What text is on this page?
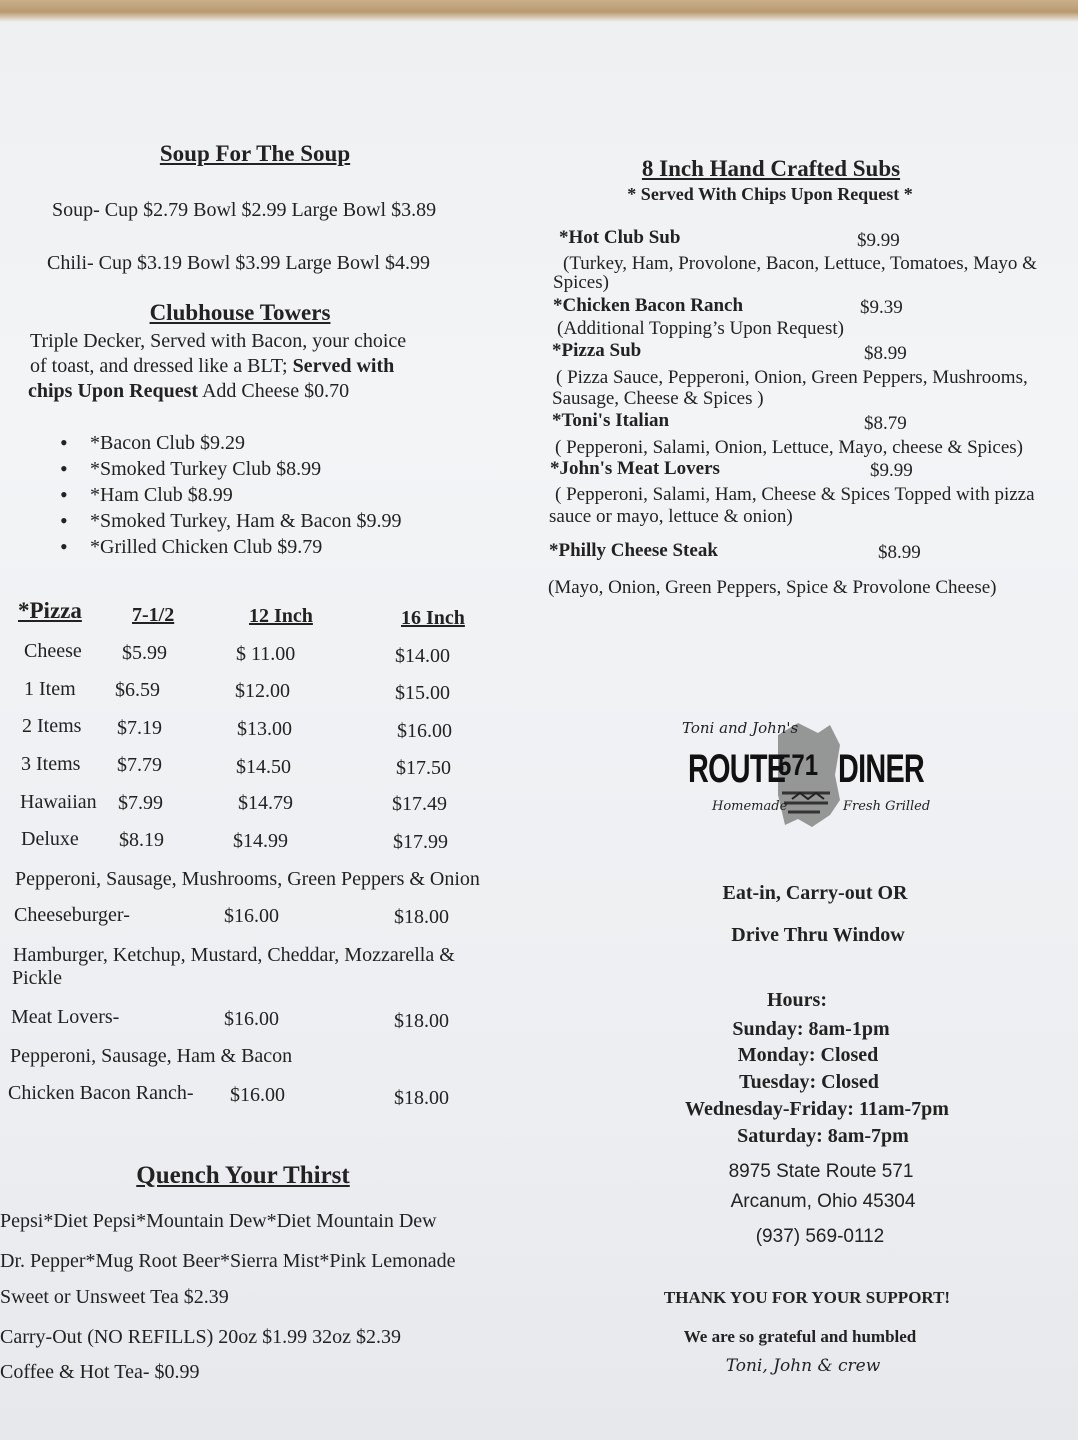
Soup For The Soup
Soup- Cup $2.79 Bowl $2.99 Large Bowl $3.89
Chili- Cup $3.19 Bowl $3.99 Large Bowl $4.99
Clubhouse Towers
Triple Decker, Served with Bacon, your choice
of toast, and dressed like a BLT; Served with
chips Upon Request Add Cheese $0.70
• *Bacon Club $9.29
• *Smoked Turkey Club $8.99
• *Ham Club $8.99
• *Smoked Turkey, Ham & Bacon $9.99
• *Grilled Chicken Club $9.79
*Pizza	7-1/2	12 Inch	16 Inch
Cheese $5.99	$ 11.00	$14.00
1 Item $6.59	$12.00	$15.00
2 Items $7.19	$13.00	$16.00
3 Items $7.79	$14.50	$17.50
Hawaiian $7.99	$14.79	$17.49
Deluxe $8.19	$14.99	$17.99
Pepperoni, Sausage, Mushrooms, Green Peppers & Onion
Cheeseburger-	$16.00	$18.00
Hamburger, Ketchup, Mustard, Cheddar, Mozzarella &
Pickle
Meat Lovers-	$16.00	$18.00
Pepperoni, Sausage, Ham & Bacon
Chicken Bacon Ranch- $16.00	$18.00
Quench Your Thirst
Pepsi*Diet Pepsi*Mountain Dew*Diet Mountain Dew
Dr. Pepper*Mug Root Beer*Sierra Mist*Pink Lemonade
Sweet or Unsweet Tea $2.39
Carry-Out (NO REFILLS) 20oz $1.99 32oz $2.39
Coffee & Hot Tea- $0.99
8 Inch Hand Crafted Subs
* Served With Chips Upon Request *
*Hot Club Sub	$9.99
(Turkey, Ham, Provolone, Bacon, Lettuce, Tomatoes, Mayo &
Spices)
*Chicken Bacon Ranch	$9.39
(Additional Topping’s Upon Request)
*Pizza Sub	$8.99
( Pizza Sauce, Pepperoni, Onion, Green Peppers, Mushrooms,
Sausage, Cheese & Spices )
*Toni's Italian	$8.79
( Pepperoni, Salami, Onion, Lettuce, Mayo, cheese & Spices)
*John's Meat Lovers	$9.99
( Pepperoni, Salami, Ham, Cheese & Spices Topped with pizza
sauce or mayo, lettuce & onion)
*Philly Cheese Steak	$8.99
(Mayo, Onion, Green Peppers, Spice & Provolone Cheese)
Toni and John's
ROUTE
571 DINER
Homemade	Fresh Grilled
Eat-in, Carry-out OR
Drive Thru Window
Hours:
Sunday: 8am-1pm
Monday: Closed
Tuesday: Closed
Wednesday-Friday: 11am-7pm
Saturday: 8am-7pm
8975 State Route 571
Arcanum, Ohio 45304
(937) 569-0112
THANK YOU FOR YOUR SUPPORT!
We are so grateful and humbled
Toni, John & crew
